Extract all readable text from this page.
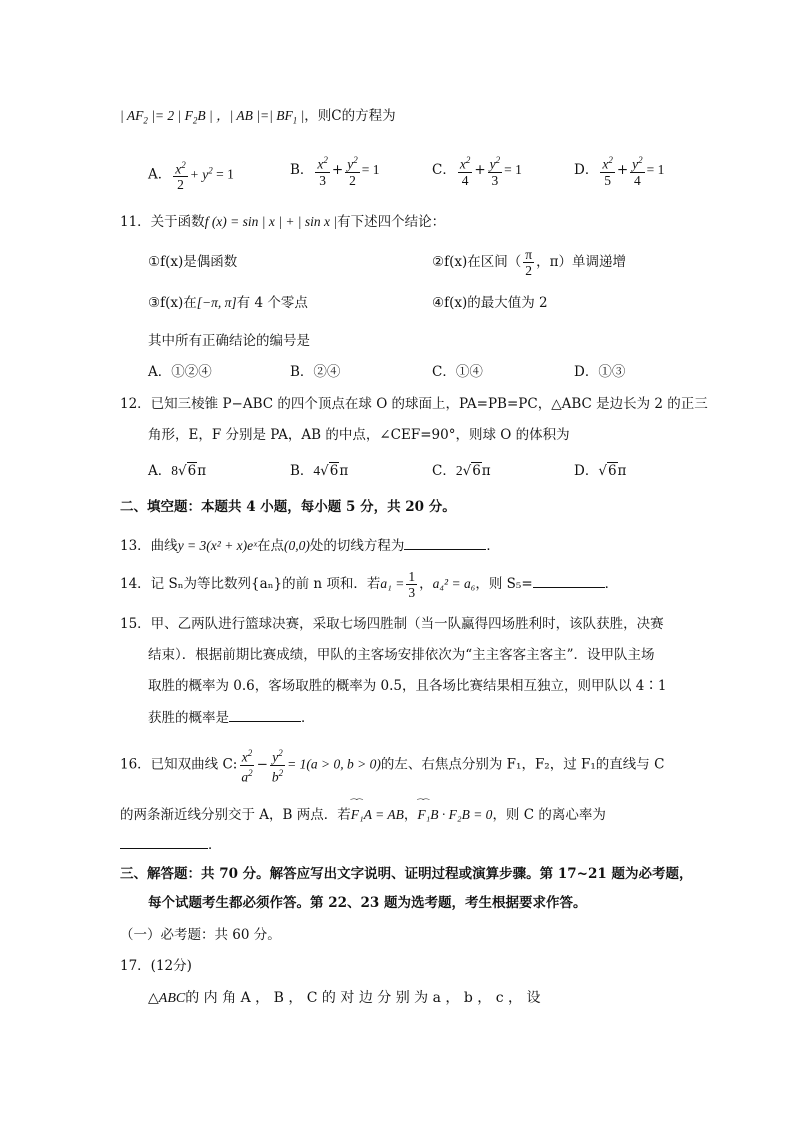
| $AF_2$ |= 2 | $F_2B$ | ，| AB |=| $BF_1$ |，则C的方程为
A． $\frac{x^2}{2} + y^2 = 1$	B． $\frac{x^2}{3} + \frac{y^2}{2} = 1$	C． $\frac{x^2}{4} + \frac{y^2}{3} = 1$	D． $\frac{x^2}{5} + \frac{y^2}{4} = 1$
11．关于函数f (x) = sin | x | + | sin x |有下述四个结论：
①f(x)是偶函数	②f(x)在区间（ $\frac{\pi}{2}$ ，π）单调递增
③f(x)在[−π, π]有 4 个零点	④f(x)的最大值为 2
其中所有正确结论的编号是
A．①②④	B．②④	C．①④	D．①③
12．已知三棱锥 P−ABC 的四个顶点在球 O 的球面上，PA=PB=PC，△ABC 是边长为 2 的正三
角形，E，F 分别是 PA，AB 的中点，∠CEF=90°，则球 O 的体积为
A．8√6π	B．4√6π	C．2√6π	D．√6π
二、填空题：本题共 4 小题，每小题 5 分，共 20 分。
13．曲线y = 3(x² + x)eˣ在点(0,0)处的切线方程为	．
14．记 Sₙ为等比数列{aₙ}的前 n 项和．若$a_1 = \frac{1}{3}$ ，a₄² = a₆，则 S₅=	．
15．甲、乙两队进行篮球决赛，采取七场四胜制（当一队赢得四场胜利时，该队获胜，决赛
结束）．根据前期比赛成绩，甲队的主客场安排依次为“主主客客主客主”．设甲队主场
取胜的概率为 0.6，客场取胜的概率为 0.5，且各场比赛结果相互独立，则甲队以 4∶1
获胜的概率是	．
16．已知双曲线 C: $\frac{x^2}{a^2} - \frac{y^2}{b^2} = 1(a > 0$, b > 0)的左、右焦点分别为 F₁，F₂，过 F₁的直线与 C
的两条渐近线分别交于 A，B 两点．若⁀⁀ F₁A = AB，⁀⁀ F₁B · F₂B = 0，则 C 的离心率为
．
三、解答题：共 70 分。解答应写出文字说明、证明过程或演算步骤。第 17~21 题为必考题，
每个试题考生都必须作答。第 22、23 题为选考题，考生根据要求作答。
（一）必考题：共 60 分。
17．(12分)
△ABC的 内 角 A ， B ， C 的 对 边 分 别 为 a ， b ， c ， 设
